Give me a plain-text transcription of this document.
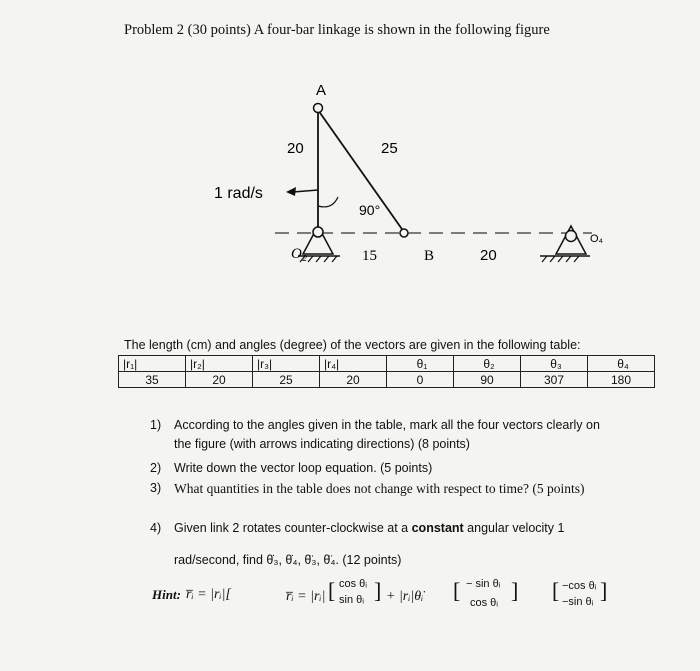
Problem 2 (30 points) A four-bar linkage is shown in the following figure
A
20	25
1 rad/s
90°
O₂	15	B	20
O₄
The length (cm) and angles (degree) of the vectors are given in the following table:
|r₁|	|r₂|	|r₃|	|r₄|	θ₁	θ₂	θ₃	θ₄
35	20	25	20	0	90	307	180
1)	According to the angles given in the table, mark all the four vectors clearly on
the figure (with arrows indicating directions) (8 points)
2)	Write down the vector loop equation. (5 points)
3) What quantities in the table does not change with respect to time? (5 points)
4)	Given link 2 rotates counter-clockwise at a constant angular velocity 1
rad/second, find θ̇₃, θ̇₄, θ̈₃, θ̈₄. (12 points)
Hint: r̅ᵢ = |rᵢ|[	r̅ᵢ = |rᵢ| [ cos θᵢ
sin θᵢ ] + |rᵢ|θ̇ᵢ [ − sin θᵢ
cos θᵢ ] [ −cos θᵢ
−sin θᵢ ]
